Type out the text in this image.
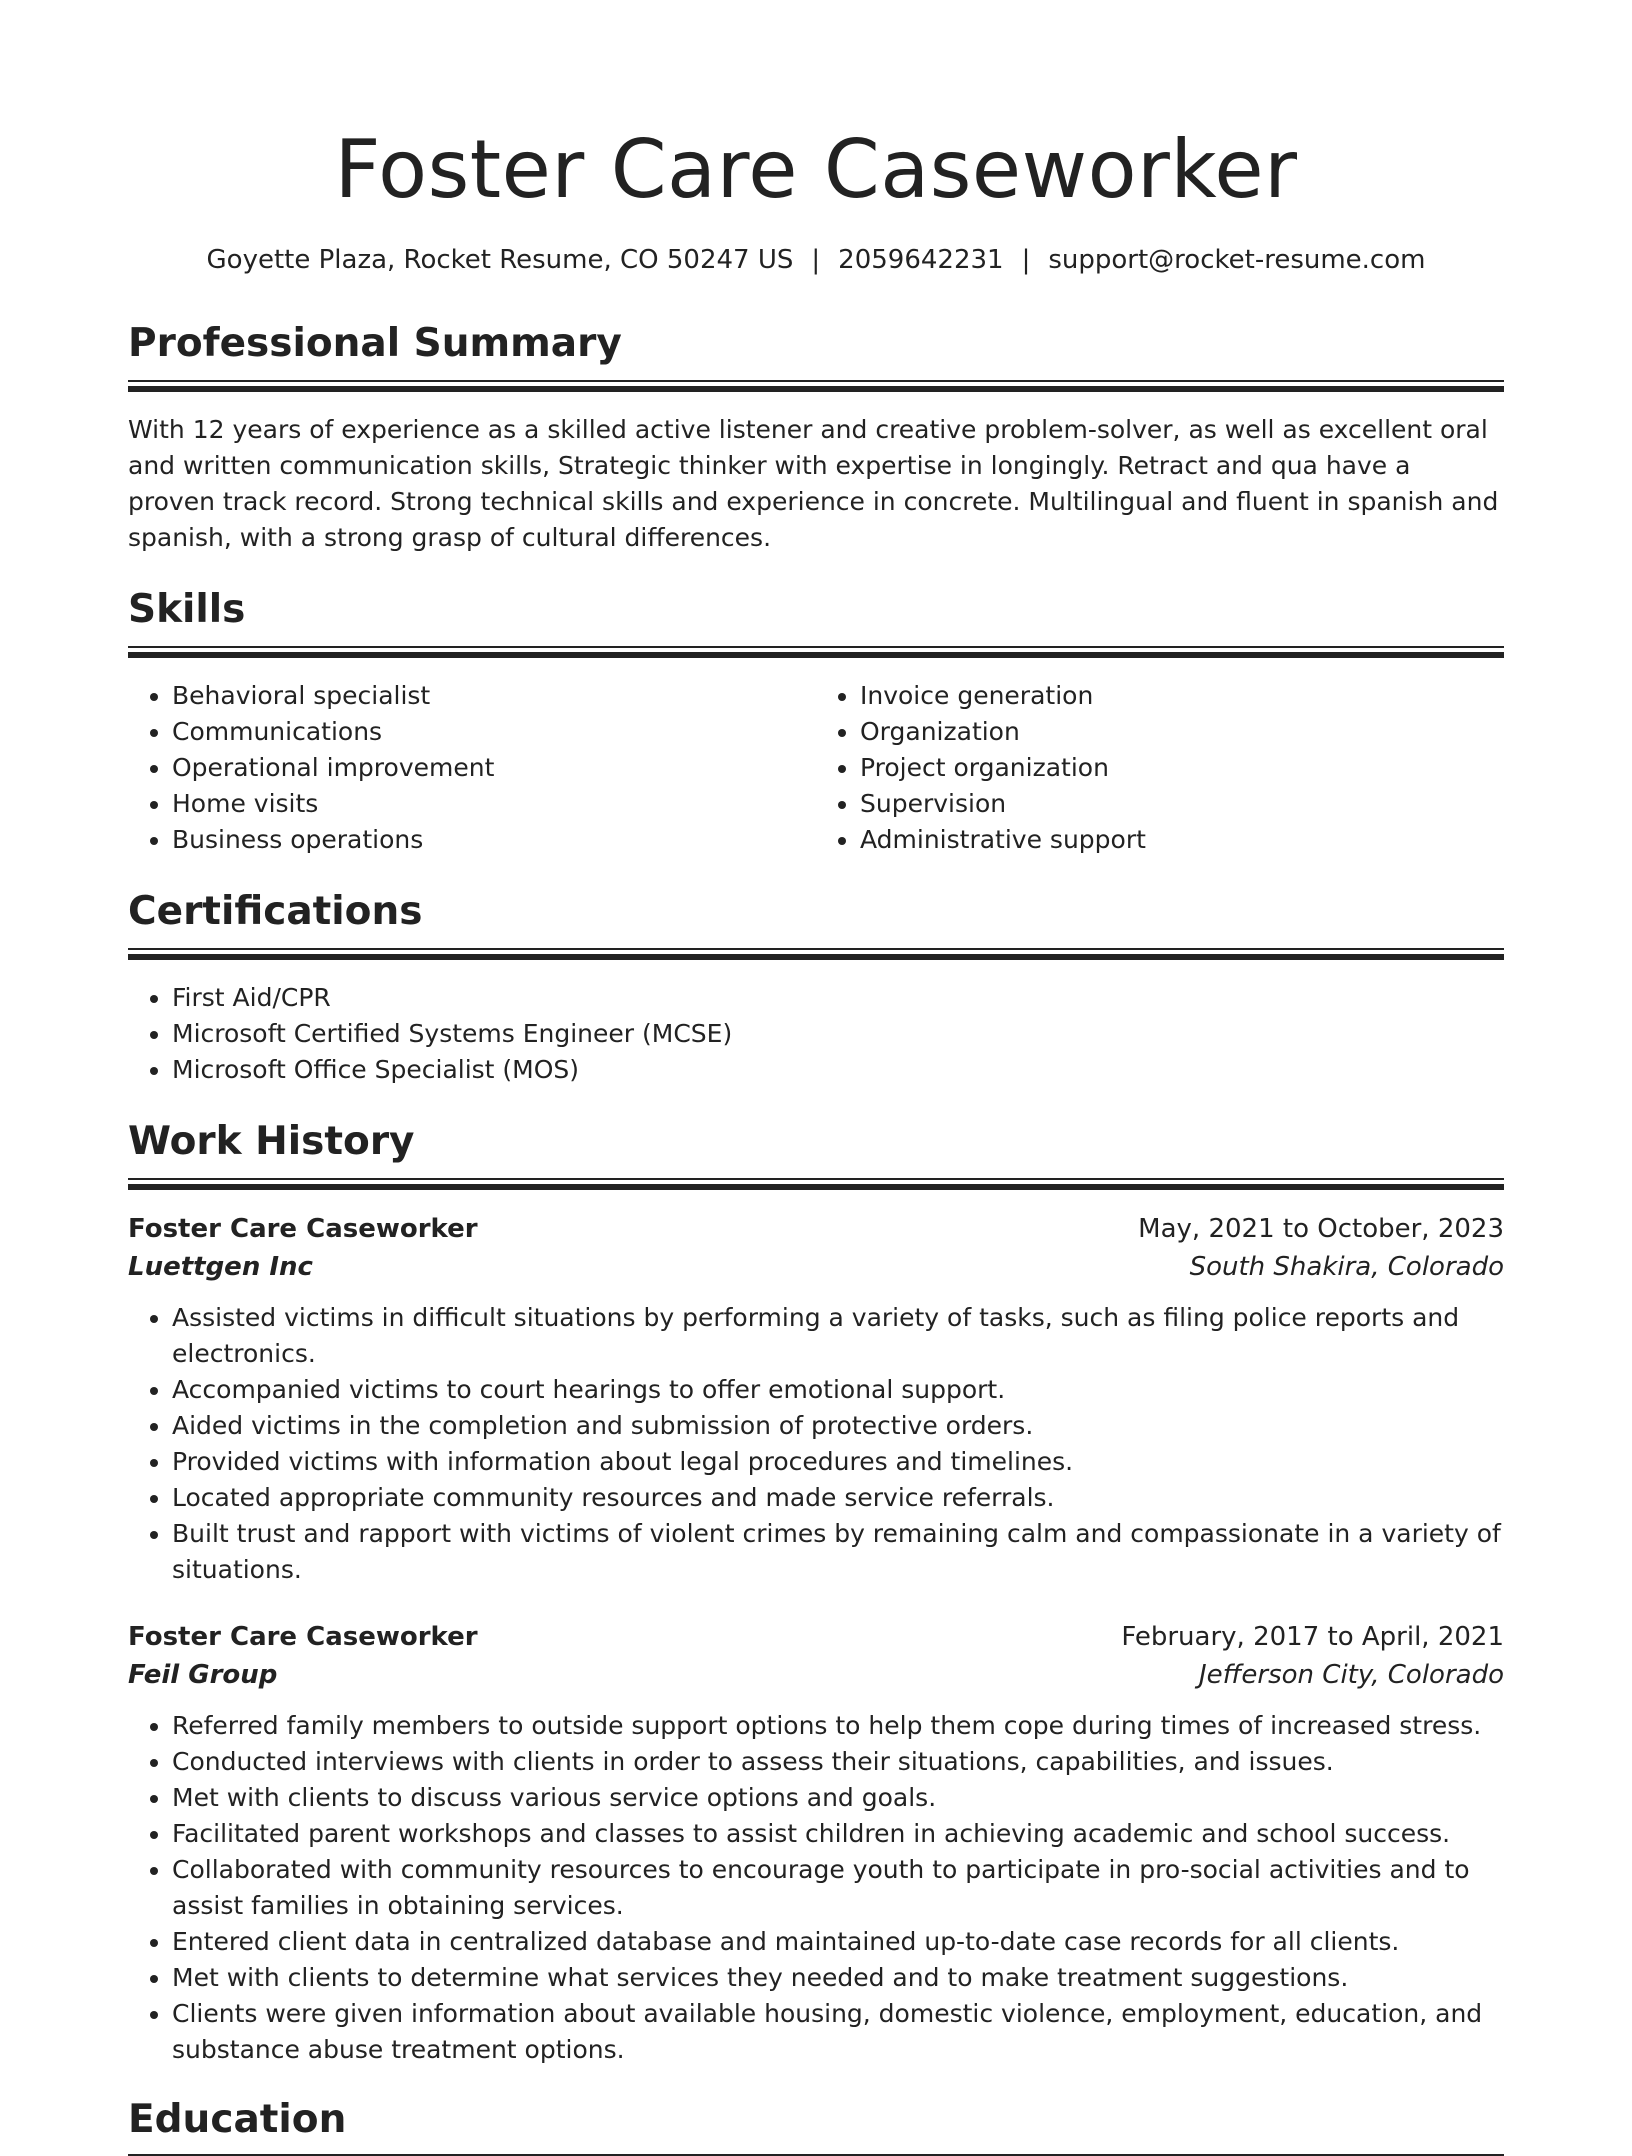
Foster Care Caseworker
Goyette Plaza, Rocket Resume, CO 50247 US | 2059642231 | support@rocket-resume.com
Professional Summary

With 12 years of experience as a skilled active listener and creative problem-solver, as well as excellent oral and written communication skills, Strategic thinker with expertise in longingly. Retract and qua have a proven track record. Strong technical skills and experience in concrete. Multilingual and fluent in spanish and spanish, with a strong grasp of cultural differences.

Skills
• Behavioral specialist
• Communications
• Operational improvement
• Home visits
• Business operations
• Invoice generation
• Organization
• Project organization
• Supervision
• Administrative support
Certifications
• First Aid/CPR
• Microsoft Certified Systems Engineer (MCSE)
• Microsoft Office Specialist (MOS)
Work History
Foster Care Caseworker	May, 2021 to October, 2023
Luettgen Inc	South Shakira, Colorado
• Assisted victims in difficult situations by performing a variety of tasks, such as filing police reports and electronics.
• Accompanied victims to court hearings to offer emotional support.
• Aided victims in the completion and submission of protective orders.
• Provided victims with information about legal procedures and timelines.
• Located appropriate community resources and made service referrals.
• Built trust and rapport with victims of violent crimes by remaining calm and compassionate in a variety of situations.
Foster Care Caseworker	February, 2017 to April, 2021
Feil Group	Jefferson City, Colorado
• Referred family members to outside support options to help them cope during times of increased stress.
• Conducted interviews with clients in order to assess their situations, capabilities, and issues.
• Met with clients to discuss various service options and goals.
• Facilitated parent workshops and classes to assist children in achieving academic and school success.
• Collaborated with community resources to encourage youth to participate in pro-social activities and to assist families in obtaining services.
• Entered client data in centralized database and maintained up-to-date case records for all clients.
• Met with clients to determine what services they needed and to make treatment suggestions.
• Clients were given information about available housing, domestic violence, employment, education, and substance abuse treatment options.
Education
